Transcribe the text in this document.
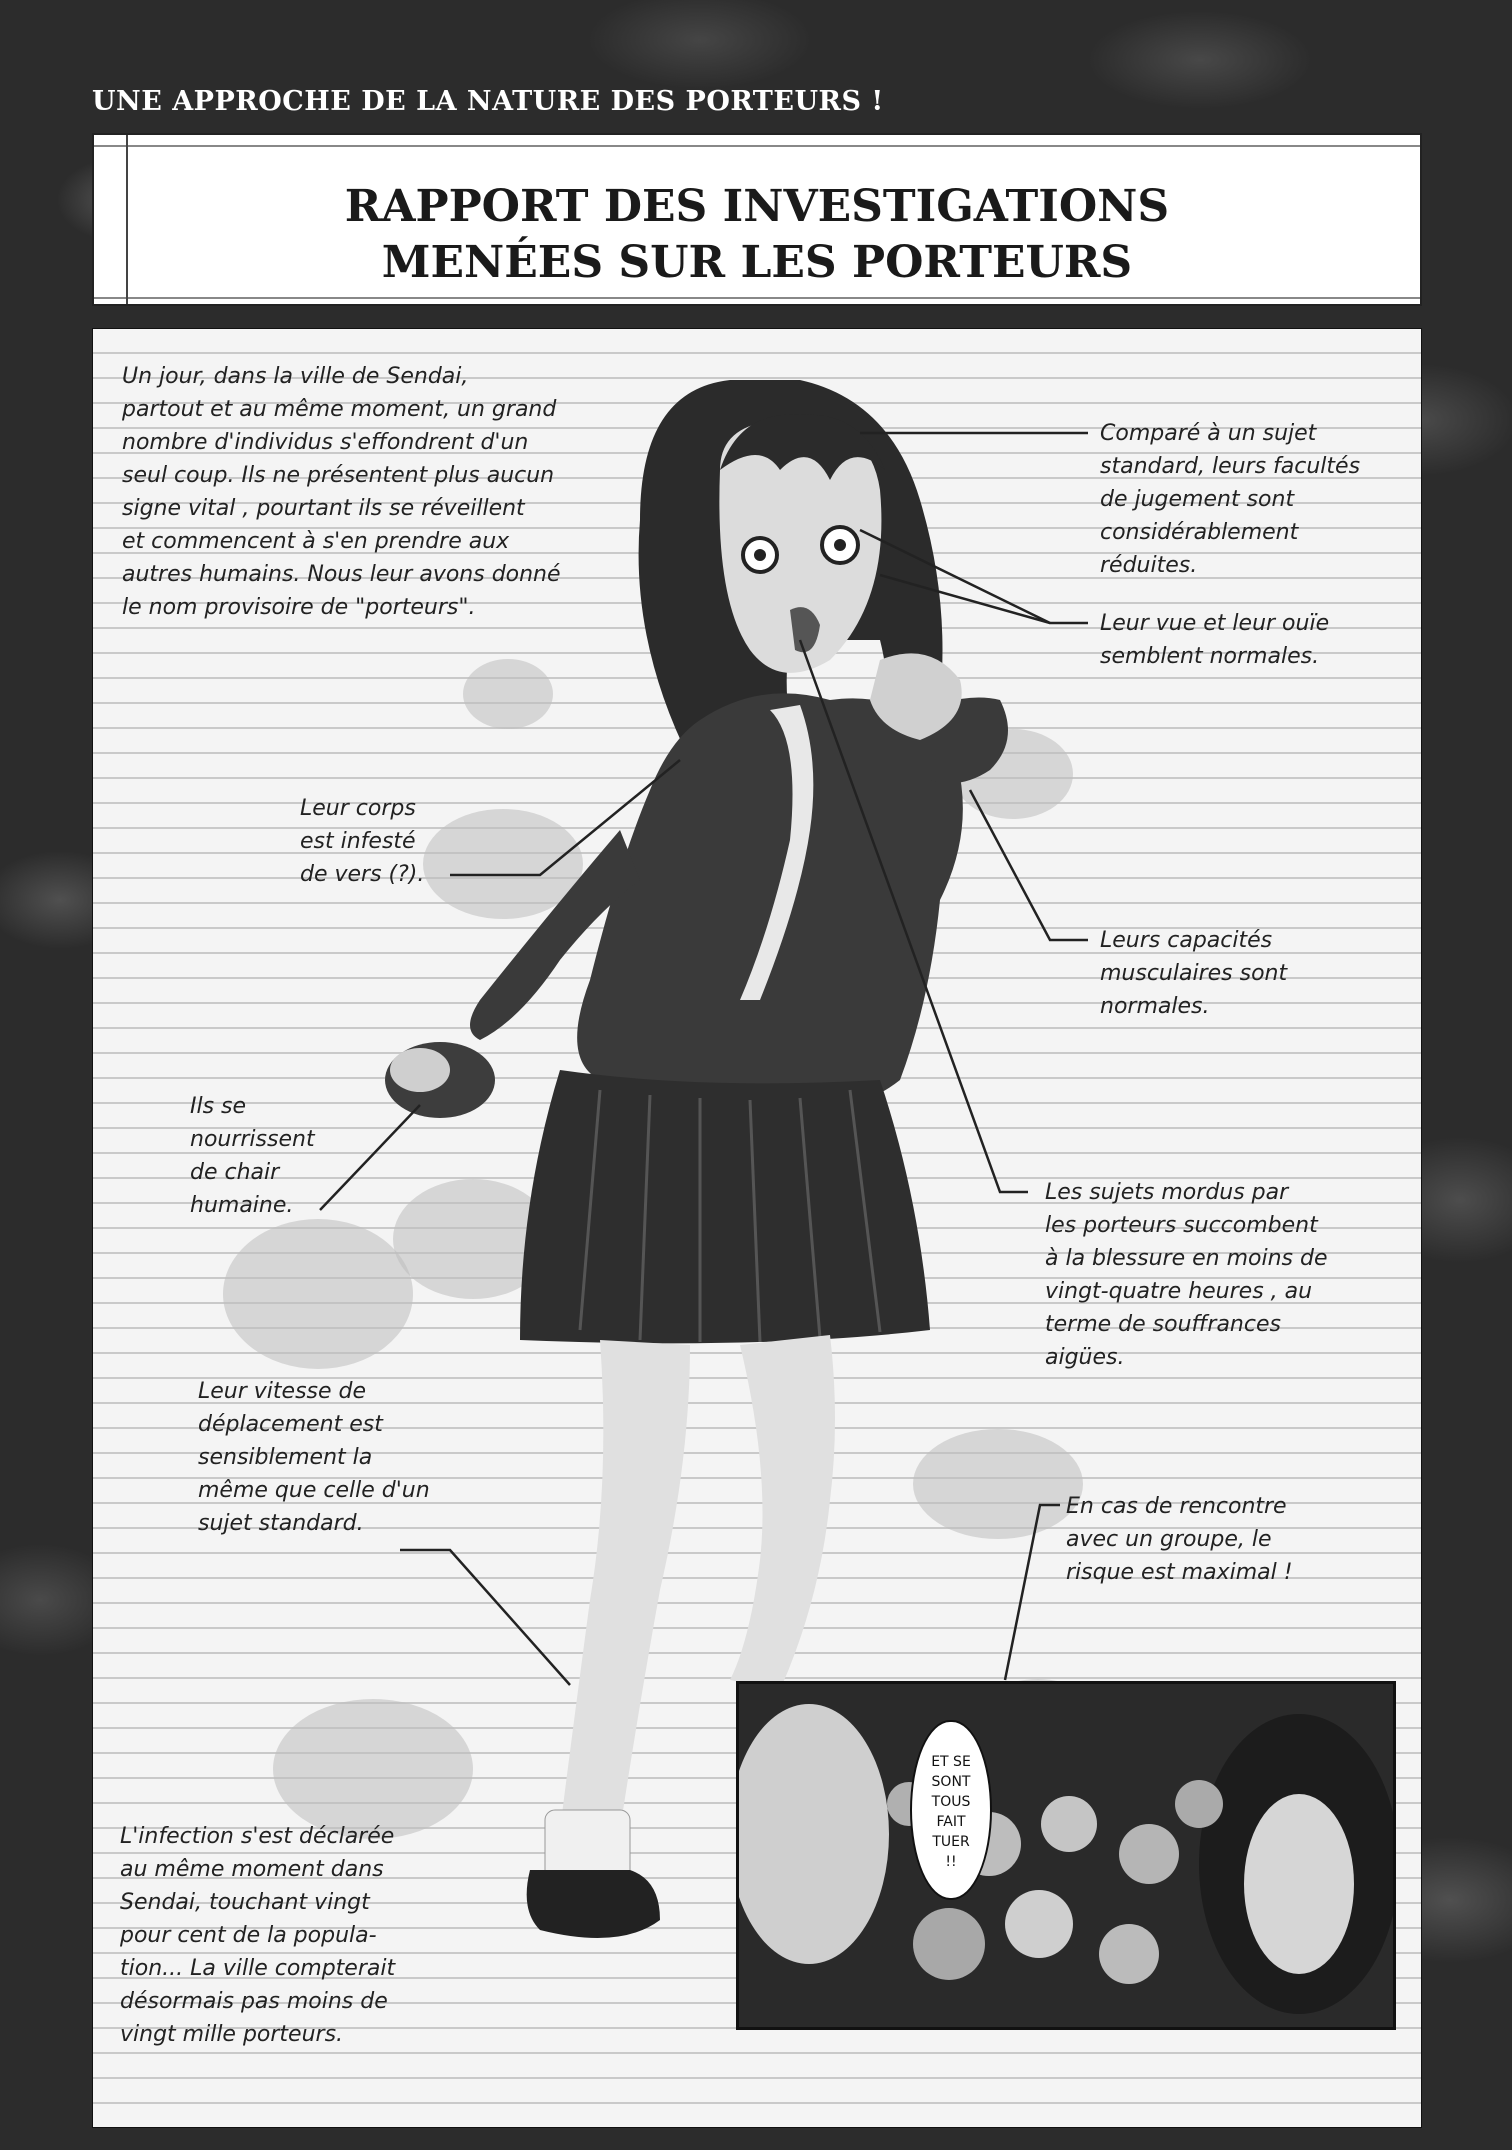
UNE APPROCHE DE LA NATURE DES PORTEURS !
RAPPORT DES INVESTIGATIONS
MENÉES SUR LES PORTEURS
ET SE
SONT
TOUS
FAIT
TUER
!!
Un jour, dans la ville de Sendai,
partout et au même moment, un grand
nombre d'individus s'effondrent d'un
seul coup. Ils ne présentent plus aucun
signe vital , pourtant ils se réveillent
et commencent à s'en prendre aux
autres humains. Nous leur avons donné
le nom provisoire de "porteurs".
Comparé à un sujet
standard, leurs facultés
de jugement sont
considérablement
réduites.
Leur vue et leur ouïe
semblent normales.
Leur corps
est infesté
de vers (?).
Leurs capacités
musculaires sont
normales.
Ils se
nourrissent
de chair
humaine.
Les sujets mordus par
les porteurs succombent
à la blessure en moins de
vingt-quatre heures , au
terme de souffrances
aigües.
Leur vitesse de
déplacement est
sensiblement la
même que celle d'un
sujet standard.
En cas de rencontre
avec un groupe, le
risque est maximal !
L'infection s'est déclarée
au même moment dans
Sendai, touchant vingt
pour cent de la popula-
tion... La ville compterait
désormais pas moins de
vingt mille porteurs.
